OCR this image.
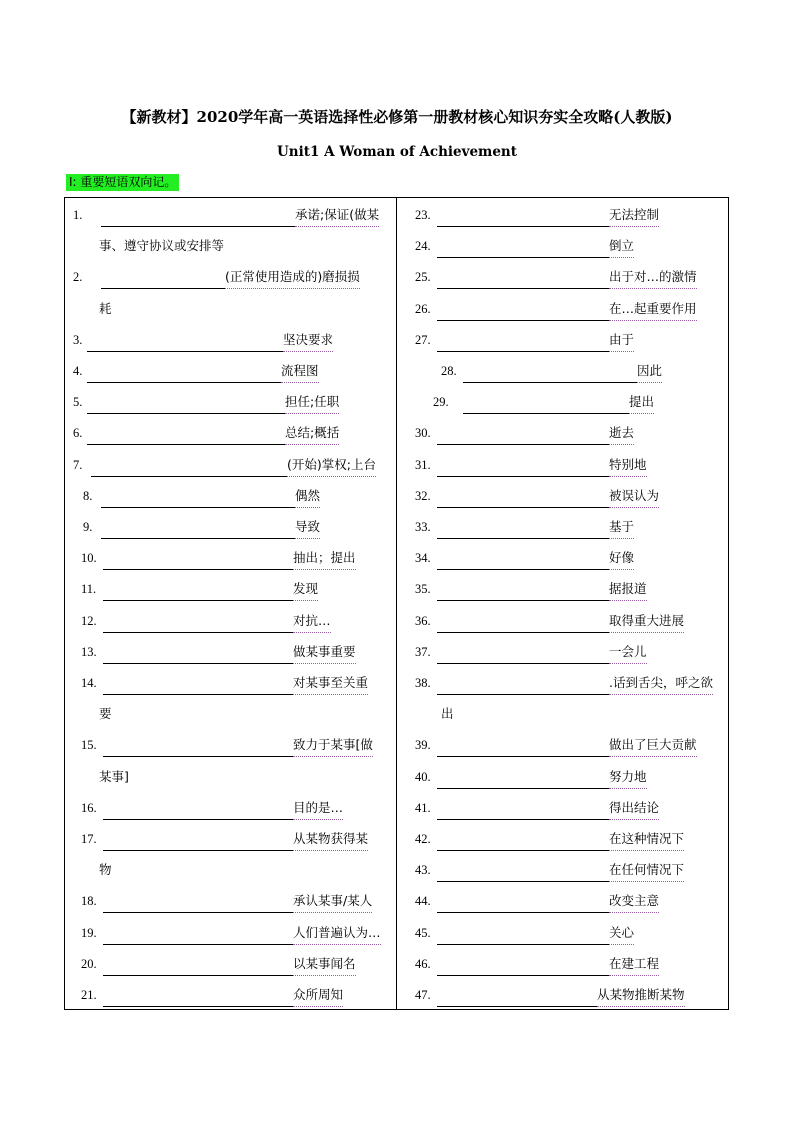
【新教材】2020学年高一英语选择性必修第一册教材核心知识夯实全攻略(人教版)
Unit1 A Woman of Achievement
Ⅰ: 重要短语双向记。
1.	承诺;保证(做某
事、遵守协议或安排等
2.	(正常使用造成的)磨损损
耗
3.	坚决要求
4.	流程图
5.	担任;任职
6.	总结;概括
7.	(开始)掌权;上台
8.	偶然
9.	导致
10.	抽出；提出
11.	发现
12.	对抗…
13.	做某事重要
14.	对某事至关重
要
15.	致力于某事[做
某事]
16.	目的是…
17.	从某物获得某
物
18.	承认某事/某人
19.	人们普遍认为…
20.	以某事闻名
21.	众所周知
23.	无法控制
24.	倒立
25.	出于对…的激情
26.	在…起重要作用
27.	由于
28.	因此
29.	提出
30.	逝去
31.	特别地
32.	被误认为
33.	基于
34.	好像
35.	据报道
36.	取得重大进展
37.	一会儿
38.	.话到舌尖，呼之欲
出
39.	做出了巨大贡献
40.	努力地
41.	得出结论
42.	在这种情况下
43.	在任何情况下
44.	改变主意
45.	关心
46.	在建工程
47.	从某物推断某物
